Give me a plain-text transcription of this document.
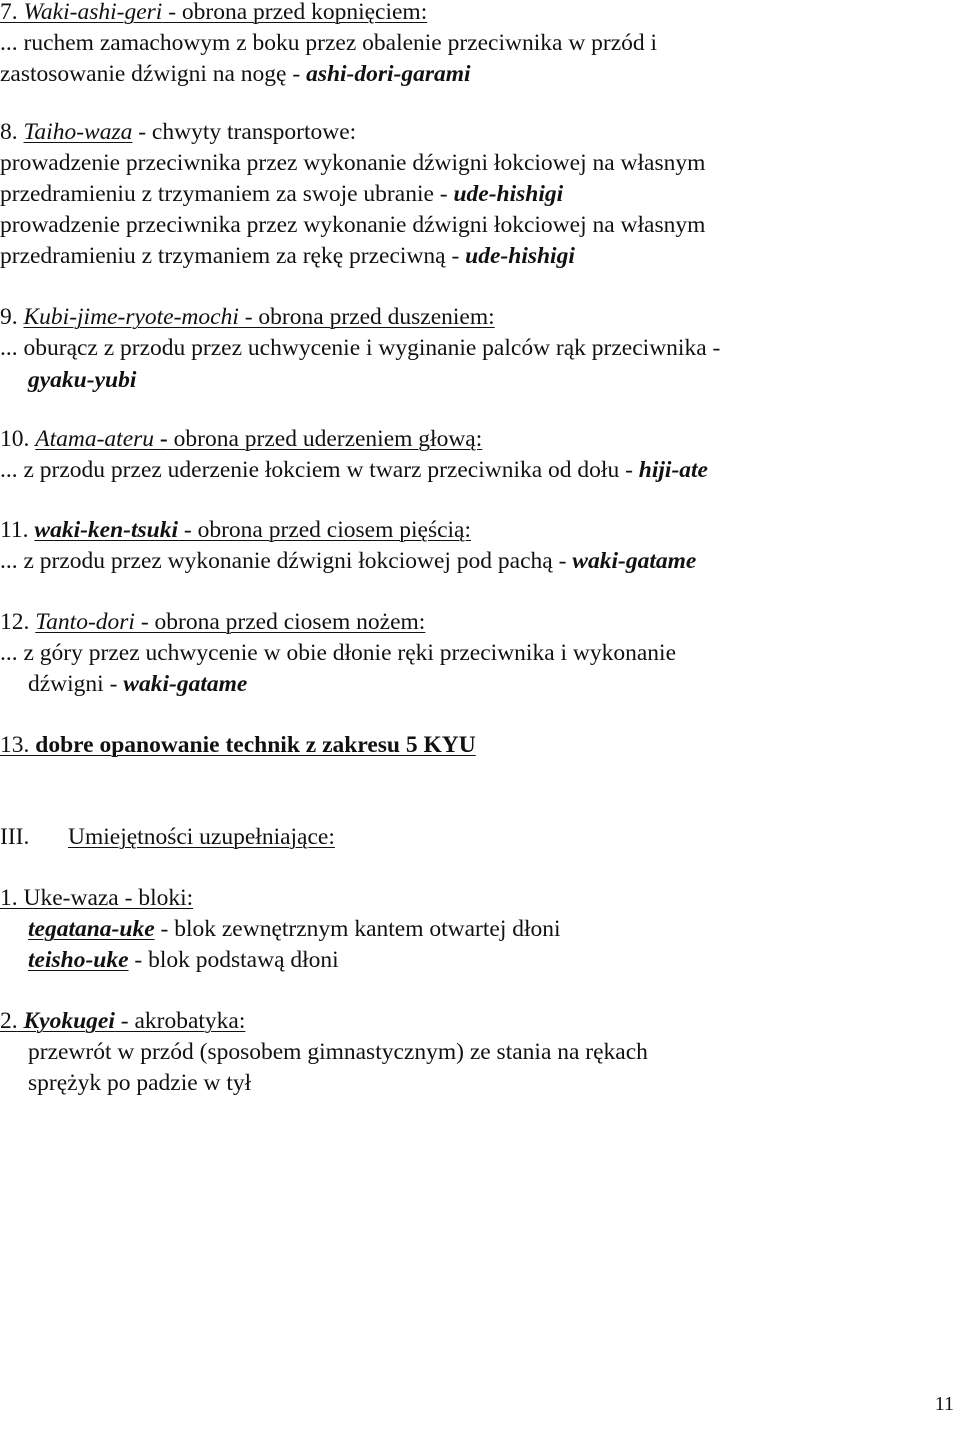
7. Waki-ashi-geri - obrona przed kopnięciem:
... ruchem zamachowym z boku przez obalenie przeciwnika w przód i
zastosowanie dźwigni na nogę - ashi-dori-garami
8. Taiho-waza - chwyty transportowe:
prowadzenie przeciwnika przez wykonanie dźwigni łokciowej na własnym
przedramieniu z trzymaniem za swoje ubranie - ude-hishigi
prowadzenie przeciwnika przez wykonanie dźwigni łokciowej na własnym
przedramieniu z trzymaniem za rękę przeciwną - ude-hishigi
9. Kubi-jime-ryote-mochi - obrona przed duszeniem:
... oburącz z przodu przez uchwycenie i wyginanie palców rąk przeciwnika -
gyaku-yubi
10. Atama-ateru - obrona przed uderzeniem głową:
... z przodu przez uderzenie łokciem w twarz przeciwnika od dołu - hiji-ate
11. waki-ken-tsuki - obrona przed ciosem pięścią:
... z przodu przez wykonanie dźwigni łokciowej pod pachą - waki-gatame
12. Tanto-dori - obrona przed ciosem nożem:
... z góry przez uchwycenie w obie dłonie ręki przeciwnika i wykonanie
dźwigni - waki-gatame
13. dobre opanowanie technik z zakresu 5 KYU
III. Umiejętności uzupełniające:
1. Uke-waza - bloki:
tegatana-uke - blok zewnętrznym kantem otwartej dłoni
teisho-uke - blok podstawą dłoni
2. Kyokugei - akrobatyka:
przewrót w przód (sposobem gimnastycznym) ze stania na rękach
sprężyk po padzie w tył
11
